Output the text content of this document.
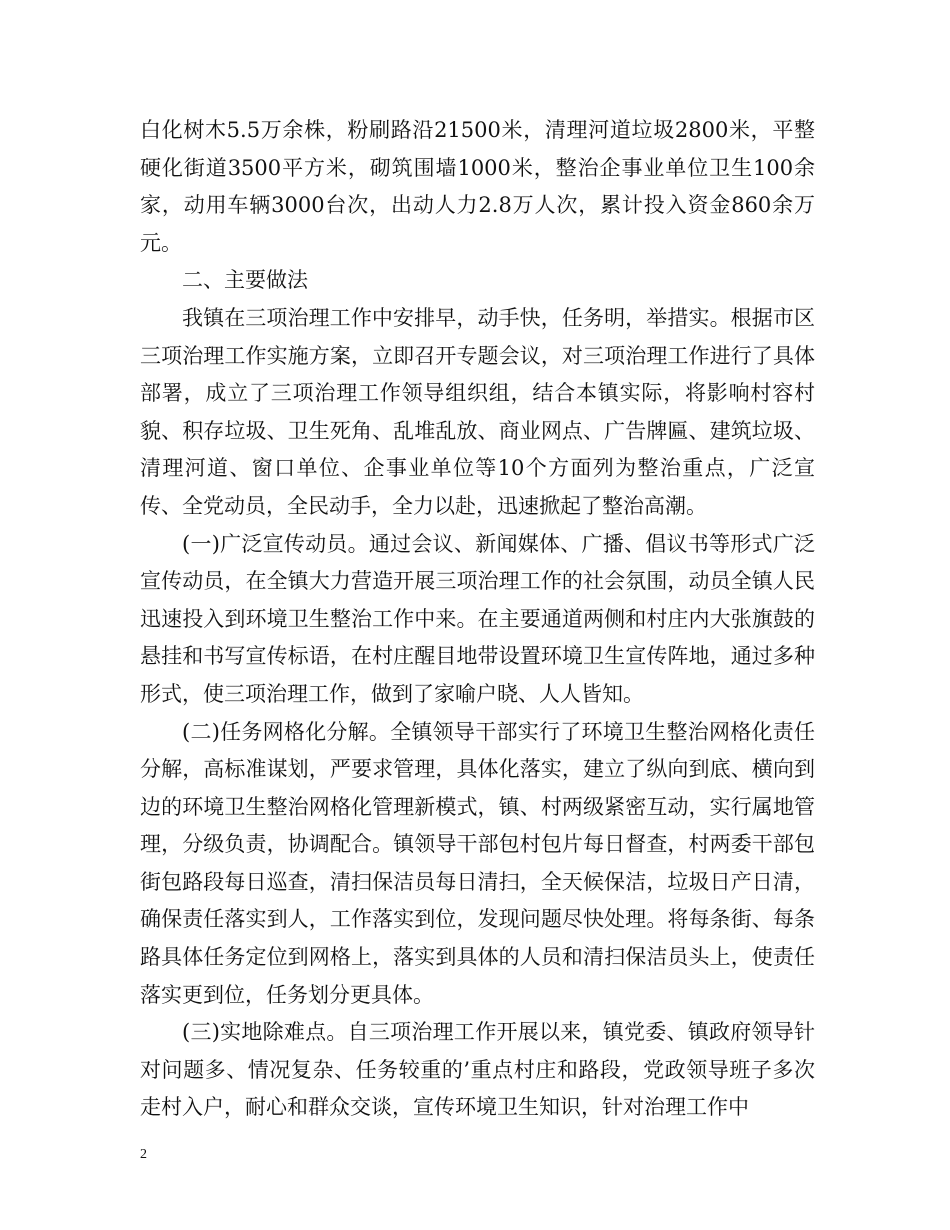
白化树木5.5万余株，粉刷路沿21500米，清理河道垃圾2800米，平整硬化街道3500平方米，砌筑围墙1000米，整治企事业单位卫生100余家，动用车辆3000台次，出动人力2.8万人次，累计投入资金860余万元。

二、主要做法

我镇在三项治理工作中安排早，动手快，任务明，举措实。根据市区三项治理工作实施方案，立即召开专题会议，对三项治理工作进行了具体部署，成立了三项治理工作领导组织组，结合本镇实际，将影响村容村貌、积存垃圾、卫生死角、乱堆乱放、商业网点、广告牌匾、建筑垃圾、清理河道、窗口单位、企事业单位等10个方面列为整治重点，广泛宣传、全党动员，全民动手，全力以赴，迅速掀起了整治高潮。

(一)广泛宣传动员。通过会议、新闻媒体、广播、倡议书等形式广泛宣传动员，在全镇大力营造开展三项治理工作的社会氛围，动员全镇人民迅速投入到环境卫生整治工作中来。在主要通道两侧和村庄内大张旗鼓的悬挂和书写宣传标语，在村庄醒目地带设置环境卫生宣传阵地，通过多种形式，使三项治理工作，做到了家喻户晓、人人皆知。

(二)任务网格化分解。全镇领导干部实行了环境卫生整治网格化责任分解，高标准谋划，严要求管理，具体化落实，建立了纵向到底、横向到边的环境卫生整治网格化管理新模式，镇、村两级紧密互动，实行属地管理，分级负责，协调配合。镇领导干部包村包片每日督查，村两委干部包街包路段每日巡查，清扫保洁员每日清扫，全天候保洁，垃圾日产日清，确保责任落实到人，工作落实到位，发现问题尽快处理。将每条街、每条路具体任务定位到网格上，落实到具体的人员和清扫保洁员头上，使责任落实更到位，任务划分更具体。

(三)实地除难点。自三项治理工作开展以来，镇党委、镇政府领导针对问题多、情况复杂、任务较重的’重点村庄和路段，党政领导班子多次走村入户，耐心和群众交谈，宣传环境卫生知识，针对治理工作中

2
